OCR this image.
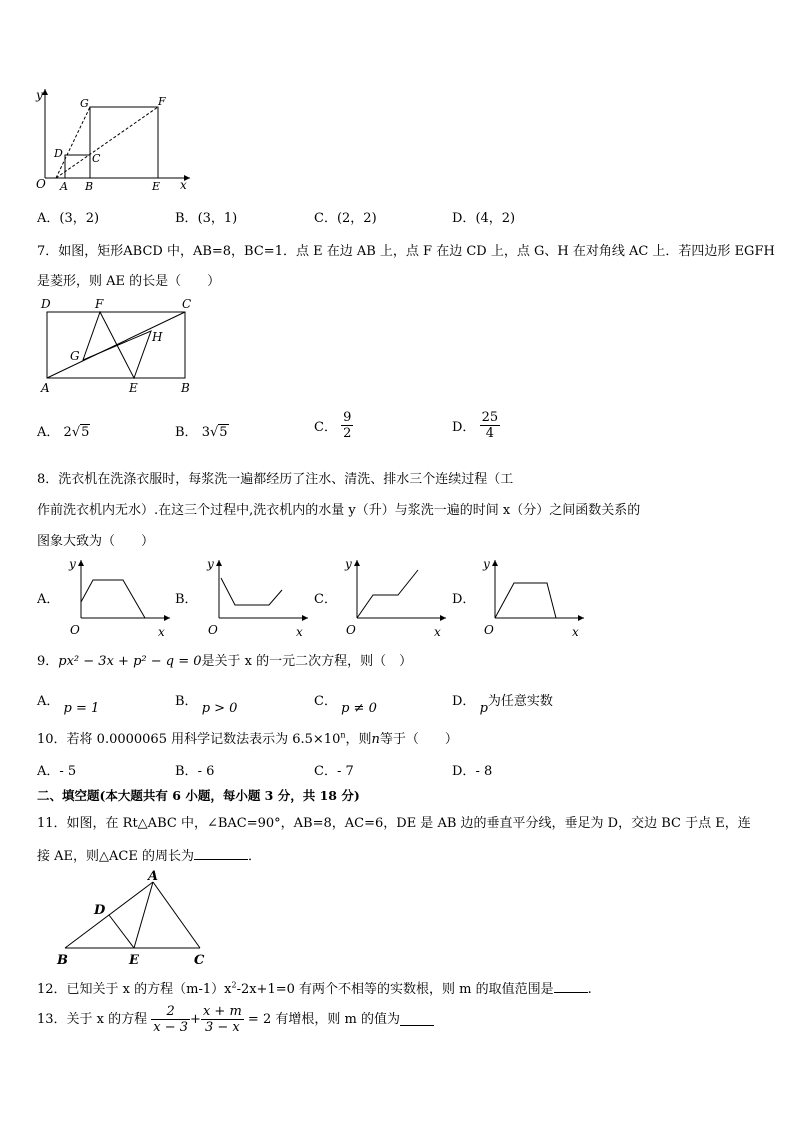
y
x
O A B	E
D	C
G	F
A．(3，2)	B．(3，1)	C．(2，2)	D．(4，2)
7．如图，矩形ABCD 中，AB=8，BC=1．点 E 在边 AB 上，点 F 在边 CD 上，点 G、H 在对角线 AC 上．若四边形 EGFH
是菱形，则 AE 的长是（　　）
D	F	C
G
H
A	E	B
A． 2√5	B． 3√5	C． $\frac{9}{2}$	D． $\frac{25}{4}$
8．洗衣机在洗涤衣服时，每浆洗一遍都经历了注水、清洗、排水三个连续过程（工
作前洗衣机内无水）.在这三个过程中,洗衣机内的水量 y（升）与浆洗一遍的时间 x（分）之间函数关系的
图象大致为（　　）
A．	B．	C．	D．
y
O	x
y
O	x
y
O	x
y
O	x
9．px² − 3x + p² − q = 0是关于 x 的一元二次方程，则（　）
A． p = 1	B． p > 0	C． p ≠ 0	D． p为任意实数
10．若将 0.0000065 用科学记数法表示为 $6.5\times 10^n$，则n等于（　　）
A．- 5	B．- 6	C．- 7	D．- 8
二、填空题(本大题共有 6 小题，每小题 3 分，共 18 分)
11．如图，在 Rt△ABC 中，∠BAC=90°，AB=8，AC=6，DE 是 AB 边的垂直平分线，垂足为 D，交边 BC 于点 E，连
接 AE，则△ACE 的周长为	．
A
D
B	E	C
12．已知关于 x 的方程$(m-1)x^2-2x+1=0$ 有两个不相等的实数根，则 m 的取值范围是	.
13．关于 x 的方程 $\frac{2}{x - 3} + \frac{x + m}{3 - x} = 2$ 有增根，则 m 的值为
